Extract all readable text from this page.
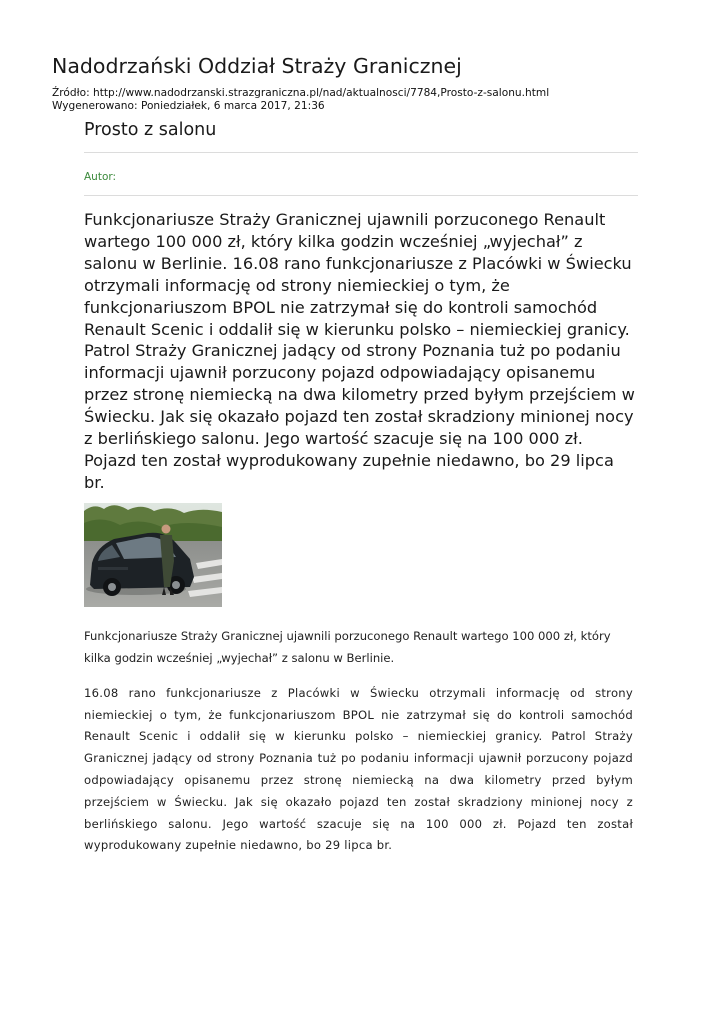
Nadodrzański Oddział Straży Granicznej
Źródło: http://www.nadodrzanski.strazgraniczna.pl/nad/aktualnosci/7784,Prosto-z-salonu.html
Wygenerowano: Poniedziałek, 6 marca 2017, 21:36
Prosto z salonu
Autor:
Funkcjonariusze Straży Granicznej ujawnili porzuconego Renault wartego 100 000 zł, który kilka godzin wcześniej „wyjechał” z salonu w Berlinie. 16.08 rano funkcjonariusze z Placówki w Świecku otrzymali informację od strony niemieckiej o tym, że funkcjonariuszom BPOL nie zatrzymał się do kontroli samochód Renault Scenic i oddalił się w kierunku polsko – niemieckiej granicy. Patrol Straży Granicznej jadący od strony Poznania tuż po podaniu informacji ujawnił porzucony pojazd odpowiadający opisanemu przez stronę niemiecką na dwa kilometry przed byłym przejściem w Świecku. Jak się okazało pojazd ten został skradziony minionej nocy z berlińskiego salonu. Jego wartość szacuje się na 100 000 zł. Pojazd ten został wyprodukowany zupełnie niedawno, bo 29 lipca br.
Funkcjonariusze Straży Granicznej ujawnili porzuconego Renault wartego 100 000 zł, który kilka godzin wcześniej „wyjechał” z salonu w Berlinie.
16.08 rano funkcjonariusze z Placówki w Świecku otrzymali informację od strony niemieckiej o tym, że funkcjonariuszom BPOL nie zatrzymał się do kontroli samochód Renault Scenic i oddalił się w kierunku polsko – niemieckiej granicy. Patrol Straży Granicznej jadący od strony Poznania tuż po podaniu informacji ujawnił porzucony pojazd odpowiadający opisanemu przez stronę niemiecką na dwa kilometry przed byłym przejściem w Świecku. Jak się okazało pojazd ten został skradziony minionej nocy z berlińskiego salonu. Jego wartość szacuje się na 100 000 zł. Pojazd ten został wyprodukowany zupełnie niedawno, bo 29 lipca br.
